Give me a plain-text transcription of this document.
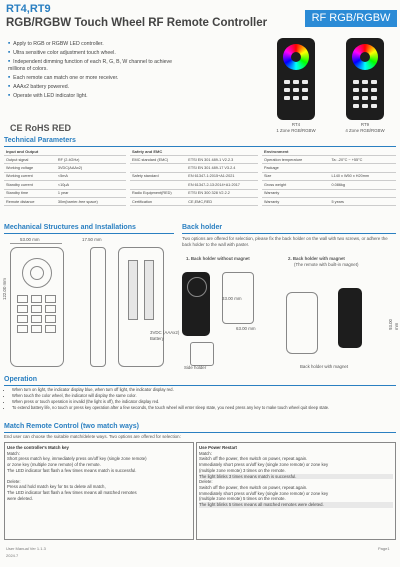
RT4,RT9
RGB/RGBW Touch Wheel RF Remote Controller	RF RGB/RGBW
■ Apply to RGB or RGBW LED controller.
■ Ultra sensitive color adjustment touch wheel.
■ Independent dimming function of each R, G, B, W channel to achieve millions of colors.
■ Each remote can match one or more receiver.
■ AAAx2 battery powered.
■ Operate with LED indicator light.
RT4
1 Zone RGB/RGBW
RT9
4 Zone RGB/RGBW
CE RoHS RED
Technical Parameters
Input and Output	
Output signal	RF (2.4GHz)
Working voltage	3VDC(AAAx2)
Working current	<5mA
Standby current	<10μA
Standby time	1 year
Remote distance	30m(barrier-free space)
Safety and EMC	
EMC standard (EMC)	ETSI EN 301 489-1 V2.2.3
	ETSI EN 301 489-17 V3.2.4
Safety standard	EN 61347-1:2015+A1:2021
	EN 61347-2-13:2014+A1:2017
Radio Equipment(RED)	ETSI EN 300 328 V2.2.2
Certification	CE,EMC,RED
Environment	
Operation temperature	Ta: -20°C ~ +55°C
Package	
Size	L140 x W50 x H20mm
Gross weight	0.086kg
Warranty	
Warranty	5 years
Mechanical Structures and Installations
53.00 mm
122.00 mm
17.50 mm
3VDC (AAAx2) Battery
Back holder
Two options are offered for selection, please fix the back holder on the wall with two screws, or adhere the back holder to the wall with paster.
1. Back holder without magnet	2. Back holder with magnet
(The remote with built-in magnet)
33.00 mm
63.00 mm
Side holder
93.00 mm
Back holder with magnet
Operation
• When turn on light, the indicator display blue, when turn off light, the indicator display red.
• When touch the color wheel, the indicator will display the same color.
• When press or touch operation is invalid (the light is off), the indicator display red.
• To extend battery life, no touch or press key operation after a few seconds, the touch wheel will enter sleep state, you need press any key to make touch wheel quit sleep state.
Match Remote Control (two match ways)
End user can choose the suitable match/delete ways. Two options are offered for selection:
Use the controller's Match key
Match:
Short press match key, immediately press on/off key (single zone remote)
or zone key (multiple zone remote) of the remote.
The LED indicator fast flash a few times means match is successful.
Delete:
Press and hold match key for 5s to delete all match,
The LED indicator fast flash a few times means all matched remotes
were deleted.
Use Power Restart
Match:
Switch off the power, then switch on power, repeat again.
Immediately short press on/off key (single zone remote) or zone key
(multiple zone remote) 3 times on the remote.
The light blinks 3 times means match is successful.
Delete:
Switch off the power, then switch on power, repeat again.
Immediately short press on/off key (single zone remote) or zone key
(multiple zone remote) 5 times on the remote.
The light blinks 5 times means all matched remotes were deleted.
User Manual Ver 1.1.3
2024.7
Page1
